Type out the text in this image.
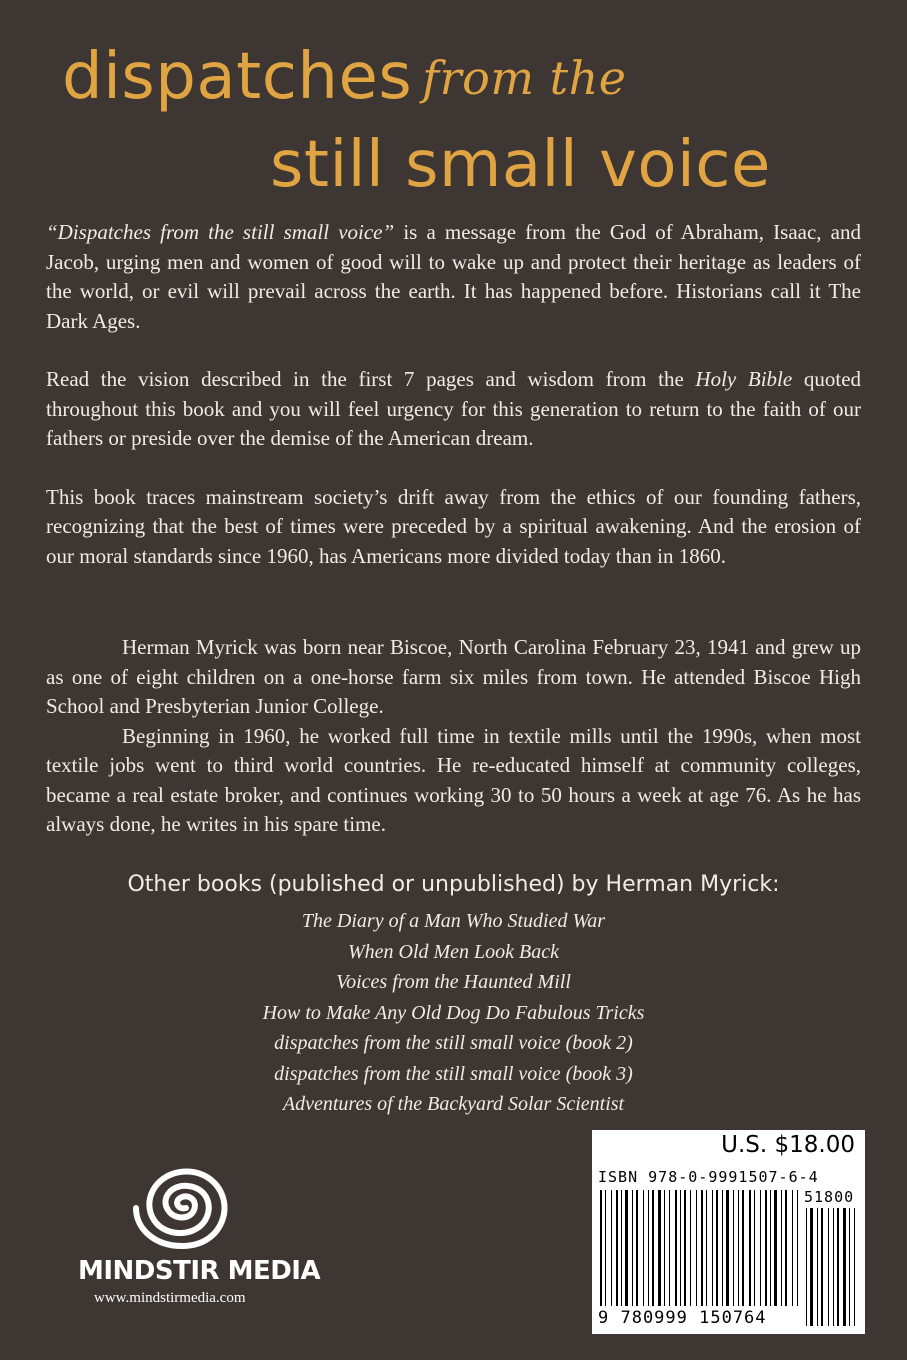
dispatches from the
still small voice

“Dispatches from the still small voice” is a message from the God of Abraham, Isaac, and Jacob, urging men and women of good will to wake up and protect their heritage as leaders of the world, or evil will prevail across the earth. It has happened before. Historians call it The Dark Ages.

Read the vision described in the first 7 pages and wisdom from the Holy Bible quoted throughout this book and you will feel urgency for this generation to return to the faith of our fathers or preside over the demise of the American dream.

This book traces mainstream society’s drift away from the ethics of our founding fathers, recognizing that the best of times were preceded by a spiritual awakening. And the erosion of our moral standards since 1960, has Americans more divided today than in 1860.

Herman Myrick was born near Biscoe, North Carolina February 23, 1941 and grew up as one of eight children on a one-horse farm six miles from town. He attended Biscoe High School and Presbyterian Junior College.

Beginning in 1960, he worked full time in textile mills until the 1990s, when most textile jobs went to third world countries. He re-educated himself at community colleges, became a real estate broker, and continues working 30 to 50 hours a week at age 76. As he has always done, he writes in his spare time.

Other books (published or unpublished) by Herman Myrick:
The Diary of a Man Who Studied War
When Old Men Look Back
Voices from the Haunted Mill
How to Make Any Old Dog Do Fabulous Tricks
dispatches from the still small voice (book 2)
dispatches from the still small voice (book 3)
Adventures of the Backyard Solar Scientist
MINDSTIR MEDIA
www.mindstirmedia.com
U.S. $18.00
ISBN 978-0-9991507-6-4
51800
9 780999 150764
